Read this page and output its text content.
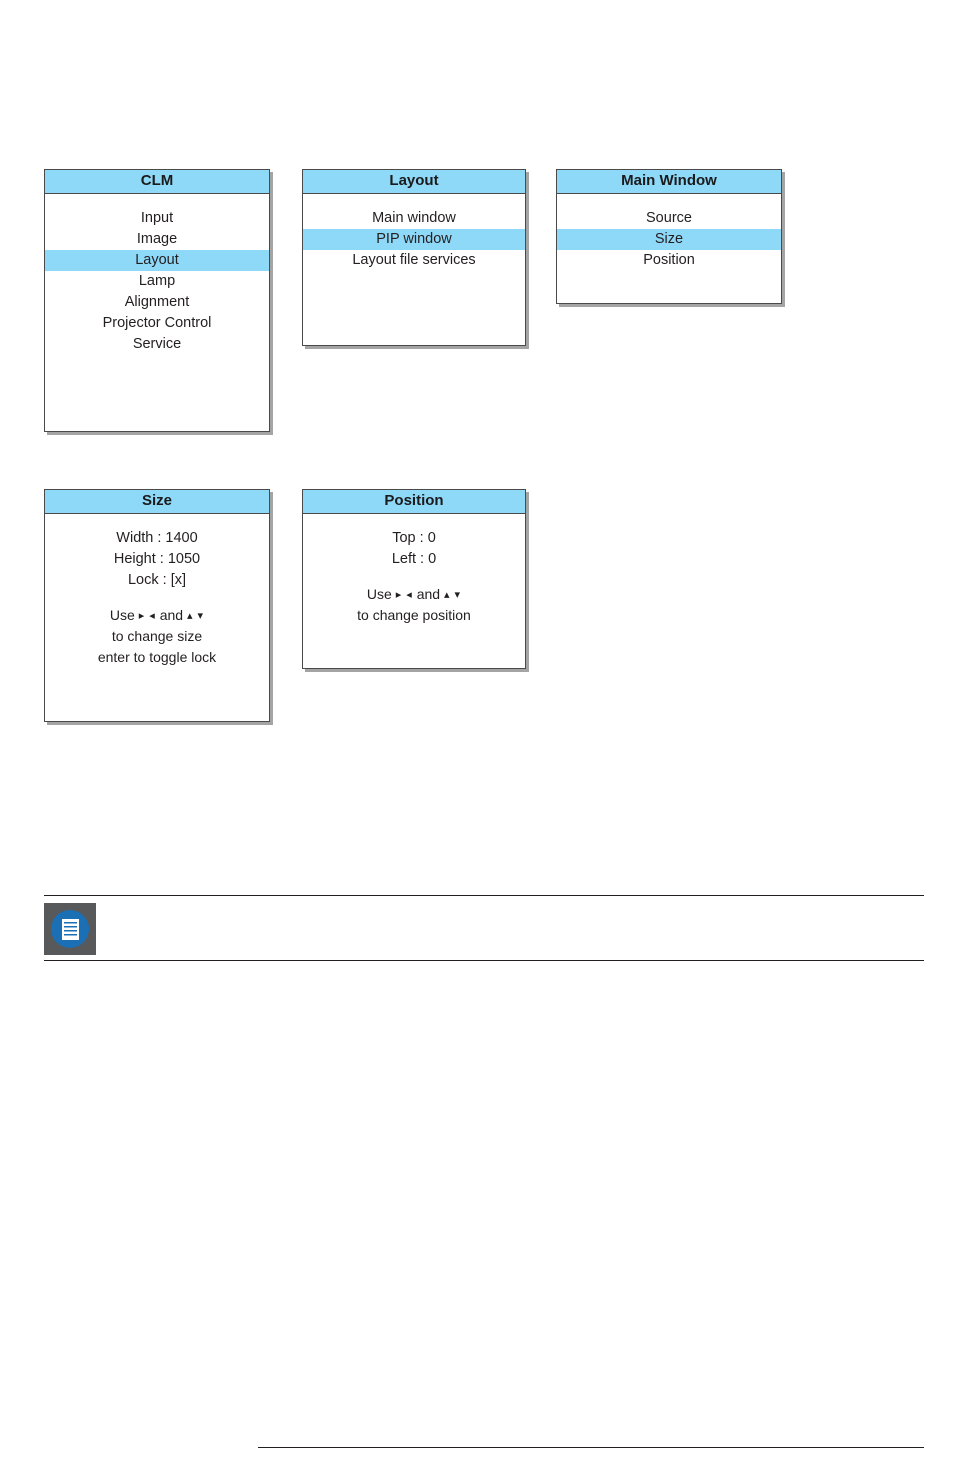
CLM
Input
Image
Layout
Lamp
Alignment
Projector Control
Service
Layout
Main window
PIP window
Layout file services
Main Window
Source
Size
Position
Size
Width : 1400
Height : 1050
Lock : [x]
Use ▸ ◂ and ▴ ▾
to change size
enter to toggle lock
Position
Top : 0
Left : 0
Use ▸ ◂ and ▴ ▾
to change position
